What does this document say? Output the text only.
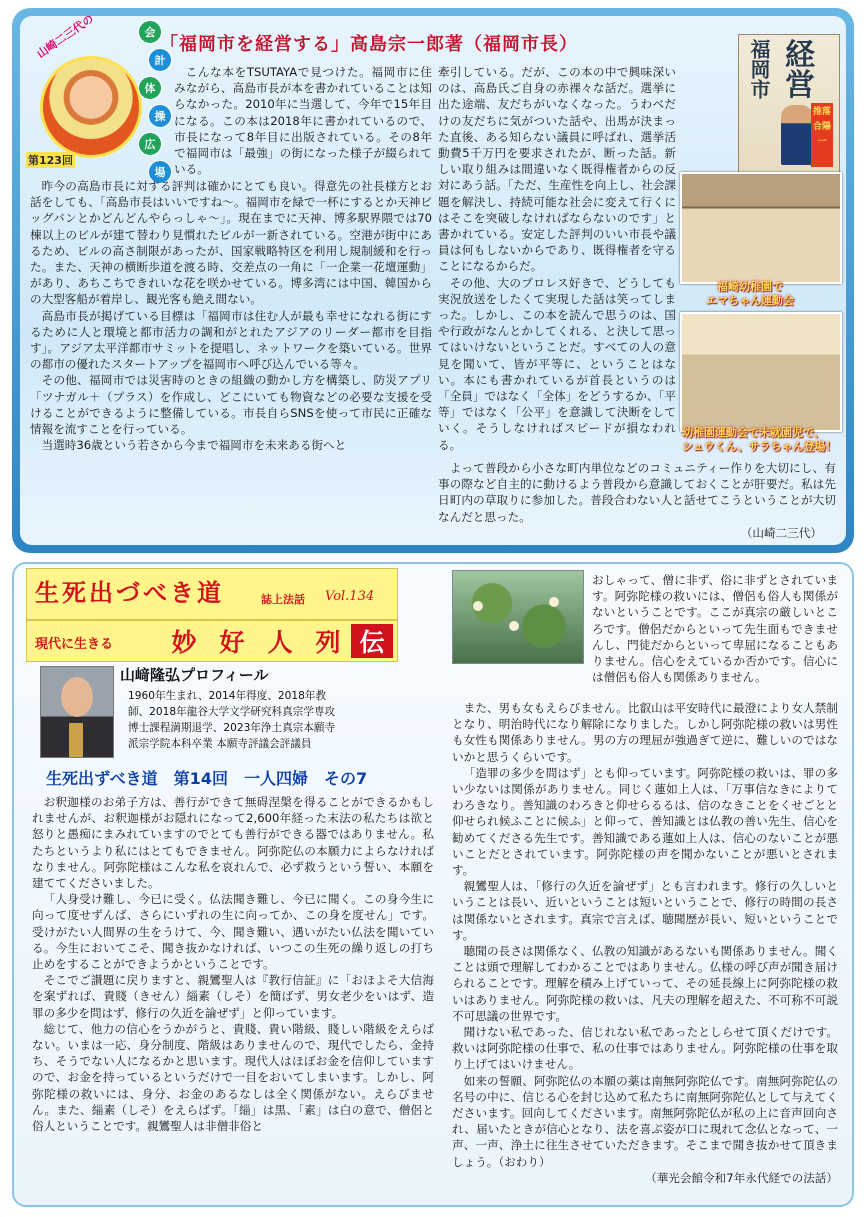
山崎二三代の	会
計
体
操
広
場
第123回
「福岡市を経営する」高島宗一郎著（福岡市長）

こんな本をTSUTAYAで見つけた。福岡市に住みながら、高島市長が本を書かれていることは知らなかった。2010年に当選して、今年で15年目になる。この本は2018年に書かれているので、市長になって8年目に出版されている。その8年で福岡市は「最強」の街になった様子が綴られている。

昨今の高島市長に対する評判は確かにとても良い。得意先の社長様方とお話をしても、「高島市長はいいですね～。福岡市を緑で一杯にするとか天神ビッグバンとかどんどんやらっしゃ～」。現在までに天神、博多駅界隈では70棟以上のビルが建て替わり見慣れたビルが一新されている。空港が街中にあるため、ビルの高さ制限があったが、国家戦略特区を利用し規制緩和を行った。また、天神の横断歩道を渡る時、交差点の一角に「一企業一花壇運動」があり、あちこちできれいな花を咲かせている。博多湾には中国、韓国からの大型客船が着岸し、観光客も絶え間ない。

高島市長が掲げている目標は「福岡市は住む人が最も幸せになれる街にするために人と環境と都市活力の調和がとれたアジアのリーダー都市を目指す」。アジア太平洋都市サミットを提唱し、ネットワークを築いている。世界の都市の優れたスタートアップを福岡市へ呼び込んでいる等々。

その他、福岡市では災害時のときの組織の動かし方を構築し、防災アプリ「ツナガル＋（プラス）を作成し、どこにいても物資などの必要な支援を受けることができるように整備している。市長自らSNSを使って市民に正確な情報を流すことを行っている。

当選時36歳という若さから今まで福岡市を未来ある街へと

牽引している。だが、この本の中で興味深いのは、高島氏ご自身の赤裸々な話だ。選挙に出た途端、友だちがいなくなった。うわべだけの友だちに気がついた話や、出馬が決まった直後、ある知らない議員に呼ばれ、選挙活動費5千万円を要求されたが、断った話。新しい取り組みは間違いなく既得権者からの反対にあう話。「ただ、生産性を向上し、社会課題を解決し、持続可能な社会に変えて行くにはそこを突破しなければならないのです」と書かれている。安定した評判のいい市長や議員は何もしないからであり、既得権者を守ることになるからだ。

その他、大のプロレス好きで、どうしても実況放送をしたくて実現した話は笑ってしまった。しかし、この本を読んで思うのは、国や行政がなんとかしてくれる、と決して思ってはいけないということだ。すべての人の意見を聞いて、皆が平等に、ということはない。本にも書かれているが首長というのは「全員」ではなく「全体」をどうするか、「平等」ではなく「公平」を意識して決断をしていく。そうしなければスピードが損なわれる。

よって普段から小さな町内単位などのコミュニティー作りを大切にし、有事の際など自主的に動けるよう普段から意識しておくことが肝要だ。私は先日町内の草取りに参加した。普段合わない人と話せてこうということが大切なんだと思った。

（山崎二三代）

福岡市 経営
推落合陽一
福崎幼稚園で
エマちゃん運動会
幼稚園運動会で末就園児で、
シュウくん、サラちゃん登場！
生死出づべき道	誌上法話 Vol.134
現代に生きる	妙 好 人 列 伝
山﨑隆弘プロフィール
1960年生まれ、2014年得度、2018年教
師、2018年龍谷大学文学研究科真宗学専攻
博士課程満期退学、2023年浄土真宗本願寺
派宗学院本科卒業 本願寺評議会評議員
生死出ずべき道　第14回　一人四婦　その7

お釈迦様のお弟子方は、善行ができて無碍涅槃を得ることができるかもしれませんが、お釈迦様がお隠れになって2,600年経った末法の私たちは欲と怒りと愚痴にまみれていますのでとても善行ができる器ではありません。私たちというより私にはとてもできません。阿弥陀仏の本願力によらなければなりません。阿弥陀様はこんな私を哀れんで、必ず救うという誓い、本願を建ててくださいました。

「人身受け難し、今已に受く。仏法聞き難し、今已に聞く。この身今生に向って度せずんば、さらにいずれの生に向ってか、この身を度せん」です。受けがたい人間界の生をうけて、今、聞き難い、遇いがたい仏法を聞いている。今生においてこそ、聞き抜かなければ、いつこの生死の繰り返しの打ち止めをすることができようかということです。

そこでご讃題に戻りますと、親鸞聖人は『教行信証』に「おほよそ大信海を案ずれば、貴賤（きせん）緇素（しそ）を簡ばず、男女老少をいはず、造罪の多少を問はず、修行の久近を論ぜず」と仰っています。

総じて、他力の信心をうかがうと、貴賤、貴い階級、賤しい階級をえらばない。いまは一応、身分制度、階級はありませんので、現代でしたら、金持ち、そうでない人になるかと思います。現代人はほぼお金を信仰していますので、お金を持っているというだけで一目をおいてしまいます。しかし、阿弥陀様の救いには、身分、お金のあるなしは全く関係がない。えらびません。また、緇素（しそ）をえらばず。「緇」は黒、「素」は白の意で、僧侶と俗人ということです。親鸞聖人は非僧非俗と

おしゃって、僧に非ず、俗に非ずとされています。阿弥陀様の救いには、僧侶も俗人も関係がないということです。ここが真宗の厳しいところです。僧侶だからといって先生面もできませんし、門徒だからといって卑屈になることもありません。信心をえているか否かです。信心には僧侶も俗人も関係ありません。

また、男も女もえらびません。比叡山は平安時代に最澄により女人禁制となり、明治時代になり解除になりました。しかし阿弥陀様の救いは男性も女性も関係ありません。男の方の理屈が強過ぎて逆に、難しいのではないかと思うくらいです。

「造罪の多少を問はず」とも仰っています。阿弥陀様の救いは、罪の多い少ないは関係がありません。同じく蓮如上人は、「万事信なきによりてわろきなり。善知識のわろきと仰せらるるは、信のなきことをくせごとと仰せられ候ふことに候ふ」と仰って、善知識とは仏教の善い先生、信心を勧めてくださる先生です。善知識である蓮如上人は、信心のないことが悪いことだとされています。阿弥陀様の声を聞かないことが悪いとされます。

親鸞聖人は、「修行の久近を論ぜず」とも言われます。修行の久しいということは長い、近いということは短いということで、修行の時間の長さは関係ないとされます。真宗で言えば、聴聞歴が長い、短いということです。

聴聞の長さは関係なく、仏教の知識があるないも関係ありません。聞くことは頭で理解してわかることではありません。仏様の呼び声が聞き届けられることです。理解を積み上げていって、その延長線上に阿弥陀様の救いはありません。阿弥陀様の救いは、凡夫の理解を超えた、不可称不可説不可思議の世界です。

聞けない私であった、信じれない私であったとしらせて頂くだけです。救いは阿弥陀様の仕事で、私の仕事ではありません。阿弥陀様の仕事を取り上げてはいけません。

如来の誓願、阿弥陀仏の本願の薬は南無阿弥陀仏です。南無阿弥陀仏の名号の中に、信じる心を封じ込めて私たちに南無阿弥陀仏として与えてくださいます。回向してくださいます。南無阿弥陀仏が私の上に音声回向され、届いたときが信心となり、法を喜ぶ姿が口に現れて念仏となって、一声、一声、浄土に往生させていただきます。そこまで聞き抜かせて頂きましょう。（おわり）

（華光会館令和7年永代経での法話）
